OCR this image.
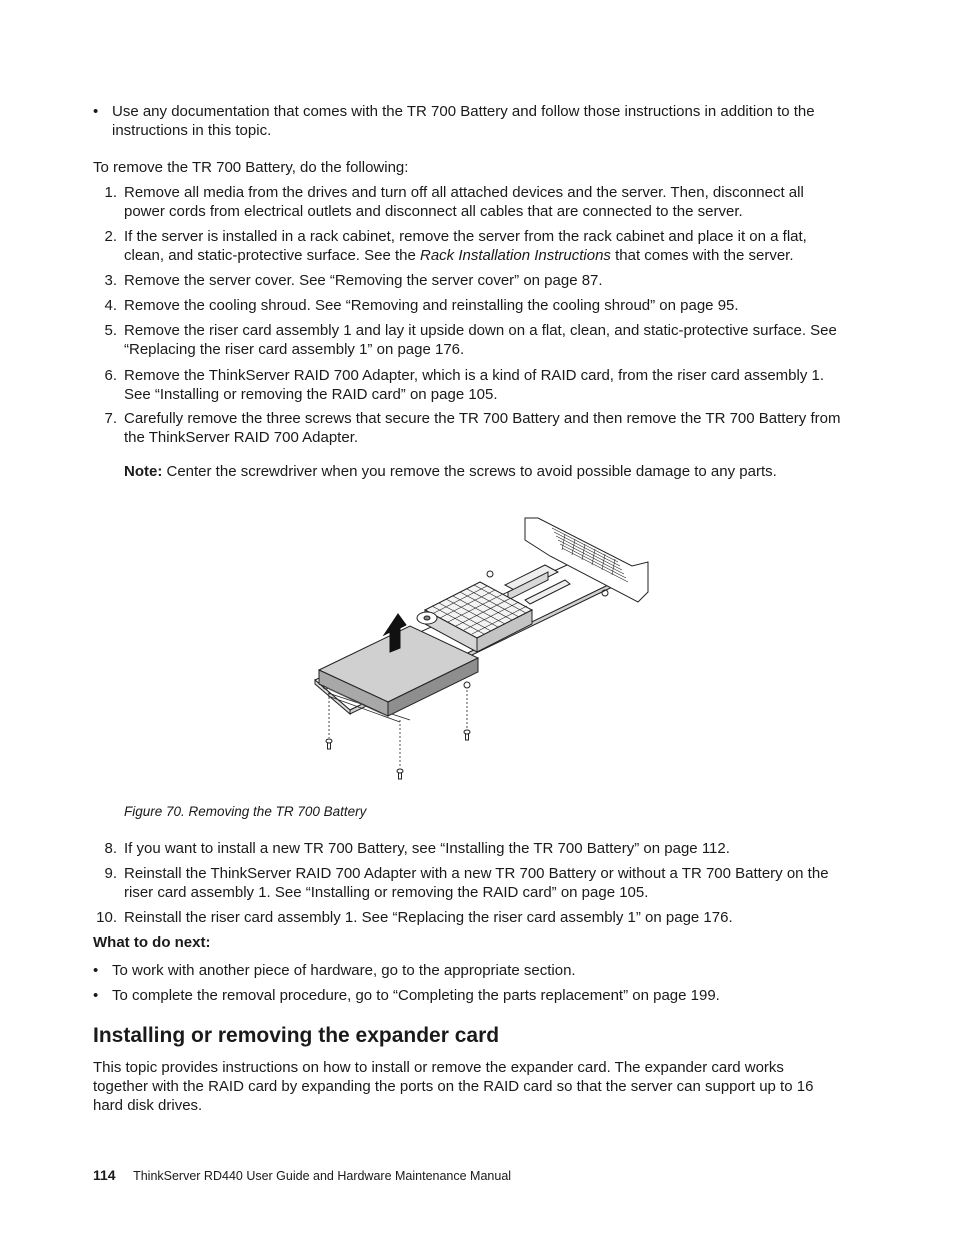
• Use any documentation that comes with the TR 700 Battery and follow those instructions in addition to the instructions in this topic.
To remove the TR 700 Battery, do the following:
1. Remove all media from the drives and turn off all attached devices and the server. Then, disconnect all power cords from electrical outlets and disconnect all cables that are connected to the server.
2. If the server is installed in a rack cabinet, remove the server from the rack cabinet and place it on a flat, clean, and static-protective surface. See the Rack Installation Instructions that comes with the server.
3. Remove the server cover. See “Removing the server cover” on page 87.
4. Remove the cooling shroud. See “Removing and reinstalling the cooling shroud” on page 95.
5. Remove the riser card assembly 1 and lay it upside down on a flat, clean, and static-protective surface. See “Replacing the riser card assembly 1” on page 176.
6. Remove the ThinkServer RAID 700 Adapter, which is a kind of RAID card, from the riser card assembly 1. See “Installing or removing the RAID card” on page 105.
7. Carefully remove the three screws that secure the TR 700 Battery and then remove the TR 700 Battery from the ThinkServer RAID 700 Adapter.
Note: Center the screwdriver when you remove the screws to avoid possible damage to any parts.
Figure 70. Removing the TR 700 Battery
8. If you want to install a new TR 700 Battery, see “Installing the TR 700 Battery” on page 112.
9. Reinstall the ThinkServer RAID 700 Adapter with a new TR 700 Battery or without a TR 700 Battery on the riser card assembly 1. See “Installing or removing the RAID card” on page 105.
10. Reinstall the riser card assembly 1. See “Replacing the riser card assembly 1” on page 176.
What to do next:
• To work with another piece of hardware, go to the appropriate section.
• To complete the removal procedure, go to “Completing the parts replacement” on page 199.
Installing or removing the expander card
This topic provides instructions on how to install or remove the expander card. The expander card works together with the RAID card by expanding the ports on the RAID card so that the server can support up to 16 hard disk drives.
114 ThinkServer RD440 User Guide and Hardware Maintenance Manual
